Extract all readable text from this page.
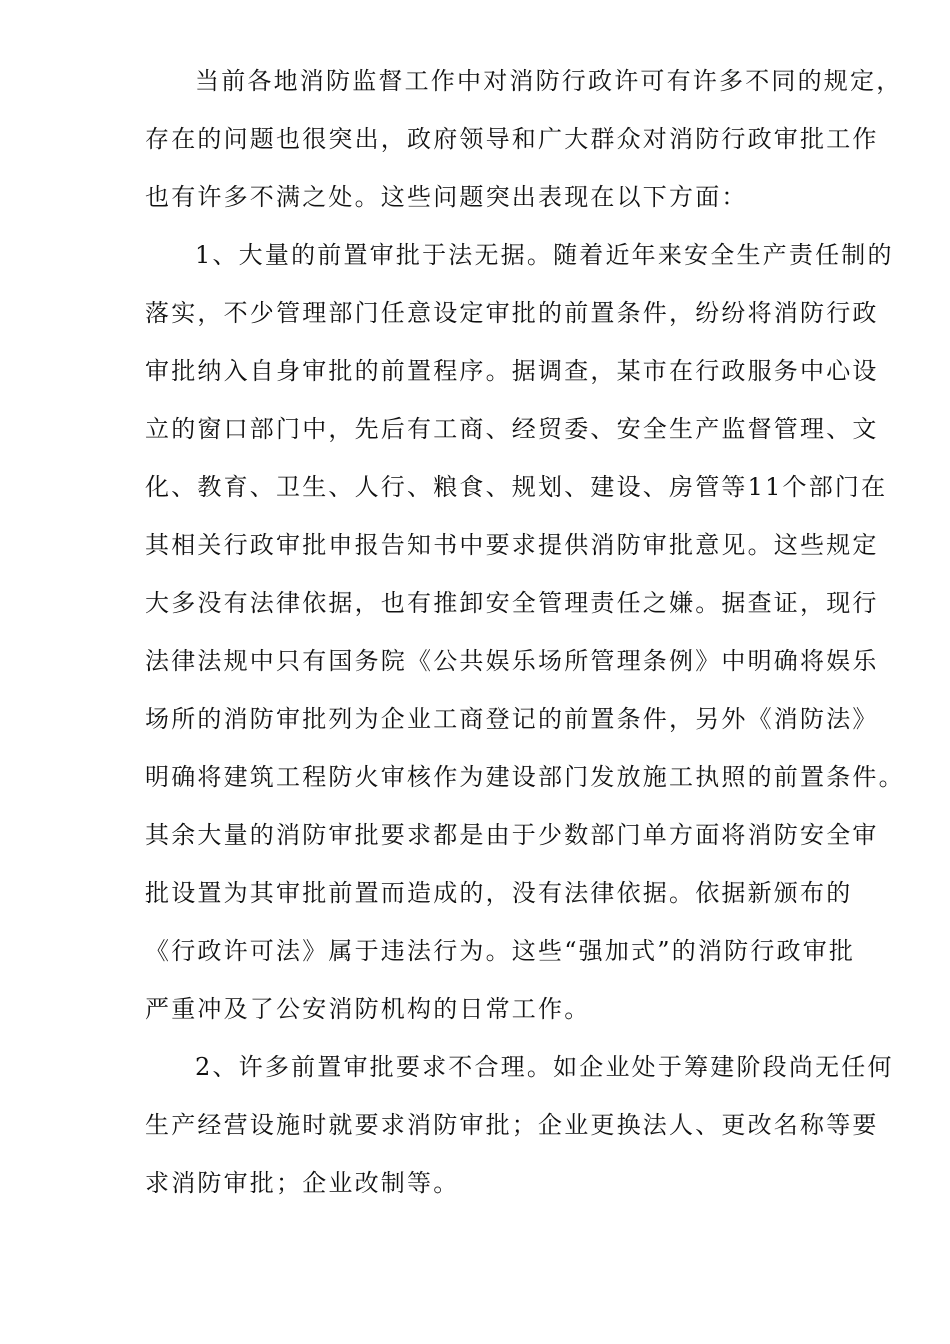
当前各地消防监督工作中对消防行政许可有许多不同的规定，
存在的问题也很突出，政府领导和广大群众对消防行政审批工作
也有许多不满之处。这些问题突出表现在以下方面：
1、大量的前置审批于法无据。随着近年来安全生产责任制的
落实，不少管理部门任意设定审批的前置条件，纷纷将消防行政
审批纳入自身审批的前置程序。据调查，某市在行政服务中心设
立的窗口部门中，先后有工商、经贸委、安全生产监督管理、文
化、教育、卫生、人行、粮食、规划、建设、房管等11个部门在
其相关行政审批申报告知书中要求提供消防审批意见。这些规定
大多没有法律依据，也有推卸安全管理责任之嫌。据查证，现行
法律法规中只有国务院《公共娱乐场所管理条例》中明确将娱乐
场所的消防审批列为企业工商登记的前置条件，另外《消防法》
明确将建筑工程防火审核作为建设部门发放施工执照的前置条件。
其余大量的消防审批要求都是由于少数部门单方面将消防安全审
批设置为其审批前置而造成的，没有法律依据。依据新颁布的
《行政许可法》属于违法行为。这些“强加式”的消防行政审批
严重冲及了公安消防机构的日常工作。
2、许多前置审批要求不合理。如企业处于筹建阶段尚无任何
生产经营设施时就要求消防审批；企业更换法人、更改名称等要
求消防审批；企业改制等。
